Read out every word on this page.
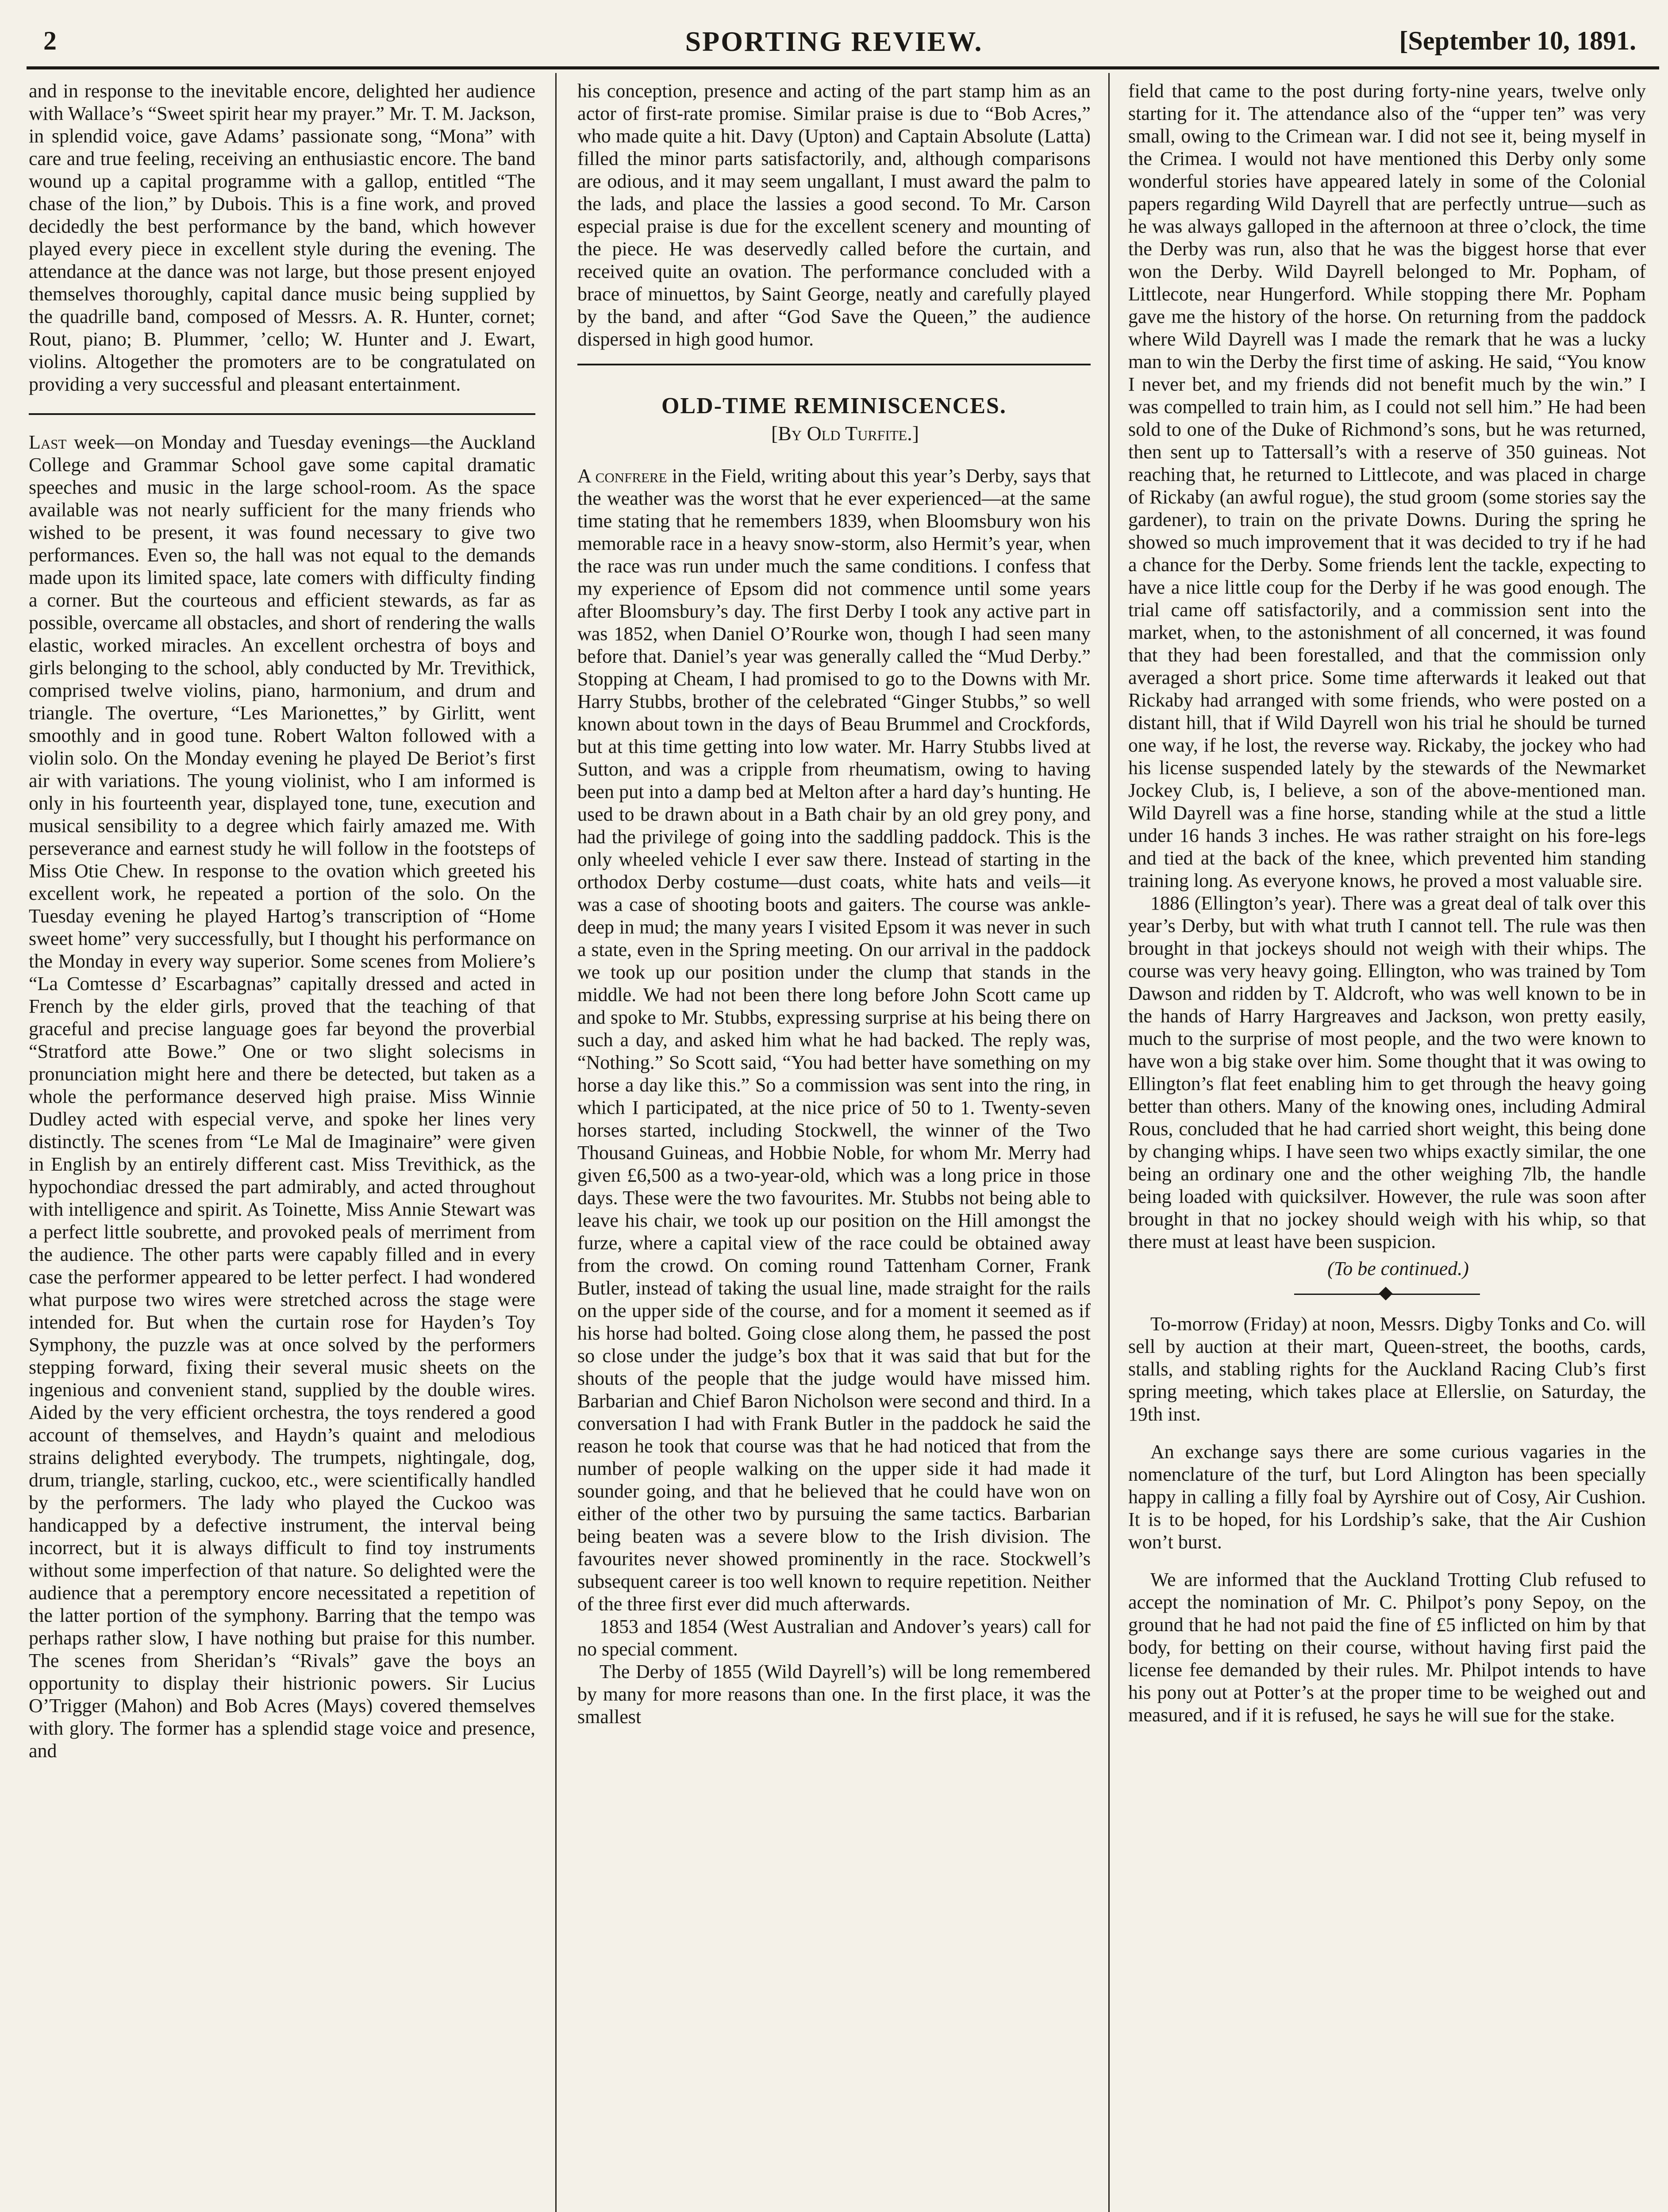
2	SPORTING REVIEW.	[September 10, 1891.

and in response to the inevitable encore, delighted her audience with Wallace’s “Sweet spirit hear my prayer.” Mr. T. M. Jackson, in splendid voice, gave Adams’ passionate song, “Mona” with care and true feeling, receiving an enthusiastic encore. The band wound up a capital programme with a gallop, entitled “The chase of the lion,” by Dubois. This is a fine work, and proved decidedly the best performance by the band, which however played every piece in excellent style during the evening. The attendance at the dance was not large, but those present enjoyed themselves thoroughly, capital dance music being supplied by the quadrille band, composed of Messrs. A. R. Hunter, cornet; Rout, piano; B. Plummer, ’cello; W. Hunter and J. Ewart, violins. Altogether the promoters are to be congratulated on providing a very successful and pleasant entertainment.

Last week—on Monday and Tuesday evenings—the Auckland College and Grammar School gave some capital dramatic speeches and music in the large school-room. As the space available was not nearly sufficient for the many friends who wished to be present, it was found necessary to give two performances. Even so, the hall was not equal to the demands made upon its limited space, late comers with difficulty finding a corner. But the courteous and efficient stewards, as far as possible, overcame all obstacles, and short of rendering the walls elastic, worked miracles. An excellent orchestra of boys and girls belonging to the school, ably conducted by Mr. Trevithick, comprised twelve violins, piano, harmonium, and drum and triangle. The overture, “Les Marionettes,” by Girlitt, went smoothly and in good tune. Robert Walton followed with a violin solo. On the Monday evening he played De Beriot’s first air with variations. The young violinist, who I am informed is only in his fourteenth year, displayed tone, tune, execution and musical sensibility to a degree which fairly amazed me. With perseverance and earnest study he will follow in the footsteps of Miss Otie Chew. In response to the ovation which greeted his excellent work, he repeated a portion of the solo. On the Tuesday evening he played Hartog’s transcription of “Home sweet home” very successfully, but I thought his performance on the Monday in every way superior. Some scenes from Moliere’s “La Comtesse d’ Escarbagnas” capitally dressed and acted in French by the elder girls, proved that the teaching of that graceful and precise language goes far beyond the proverbial “Stratford atte Bowe.” One or two slight solecisms in pronunciation might here and there be detected, but taken as a whole the performance deserved high praise. Miss Winnie Dudley acted with especial verve, and spoke her lines very distinctly. The scenes from “Le Mal de Imaginaire” were given in English by an entirely different cast. Miss Trevithick, as the hypochondiac dressed the part admirably, and acted throughout with intelligence and spirit. As Toinette, Miss Annie Stewart was a perfect little soubrette, and provoked peals of merriment from the audience. The other parts were capably filled and in every case the performer appeared to be letter perfect. I had wondered what purpose two wires were stretched across the stage were intended for. But when the curtain rose for Hayden’s Toy Symphony, the puzzle was at once solved by the performers stepping forward, fixing their several music sheets on the ingenious and convenient stand, supplied by the double wires. Aided by the very efficient orchestra, the toys rendered a good account of themselves, and Haydn’s quaint and melodious strains delighted everybody. The trumpets, nightingale, dog, drum, triangle, starling, cuckoo, etc., were scientifically handled by the performers. The lady who played the Cuckoo was handicapped by a defective instrument, the interval being incorrect, but it is always difficult to find toy instruments without some imperfection of that nature. So delighted were the audience that a peremptory encore necessitated a repetition of the latter portion of the symphony. Barring that the tempo was perhaps rather slow, I have nothing but praise for this number. The scenes from Sheridan’s “Rivals” gave the boys an opportunity to display their histrionic powers. Sir Lucius O’Trigger (Mahon) and Bob Acres (Mays) covered themselves with glory. The former has a splendid stage voice and presence, and

his conception, presence and acting of the part stamp him as an actor of first-rate promise. Similar praise is due to “Bob Acres,” who made quite a hit. Davy (Upton) and Captain Absolute (Latta) filled the minor parts satisfactorily, and, although comparisons are odious, and it may seem ungallant, I must award the palm to the lads, and place the lassies a good second. To Mr. Carson especial praise is due for the excellent scenery and mounting of the piece. He was deservedly called before the curtain, and received quite an ovation. The performance concluded with a brace of minuettos, by Saint George, neatly and carefully played by the band, and after “God Save the Queen,” the audience dispersed in high good humor.

OLD-TIME REMINISCENCES.

[By Old Turfite.]

A confrere in the Field, writing about this year’s Derby, says that the weather was the worst that he ever experienced—at the same time stating that he remembers 1839, when Bloomsbury won his memorable race in a heavy snow-storm, also Hermit’s year, when the race was run under much the same conditions. I confess that my experience of Epsom did not commence until some years after Bloomsbury’s day. The first Derby I took any active part in was 1852, when Daniel O’Rourke won, though I had seen many before that. Daniel’s year was generally called the “Mud Derby.” Stopping at Cheam, I had promised to go to the Downs with Mr. Harry Stubbs, brother of the celebrated “Ginger Stubbs,” so well known about town in the days of Beau Brummel and Crockfords, but at this time getting into low water. Mr. Harry Stubbs lived at Sutton, and was a cripple from rheumatism, owing to having been put into a damp bed at Melton after a hard day’s hunting. He used to be drawn about in a Bath chair by an old grey pony, and had the privilege of going into the saddling paddock. This is the only wheeled vehicle I ever saw there. Instead of starting in the orthodox Derby costume—dust coats, white hats and veils—it was a case of shooting boots and gaiters. The course was ankle-deep in mud; the many years I visited Epsom it was never in such a state, even in the Spring meeting. On our arrival in the paddock we took up our position under the clump that stands in the middle. We had not been there long before John Scott came up and spoke to Mr. Stubbs, expressing surprise at his being there on such a day, and asked him what he had backed. The reply was, “Nothing.” So Scott said, “You had better have something on my horse a day like this.” So a commission was sent into the ring, in which I participated, at the nice price of 50 to 1. Twenty-seven horses started, including Stockwell, the winner of the Two Thousand Guineas, and Hobbie Noble, for whom Mr. Merry had given £6,500 as a two-year-old, which was a long price in those days. These were the two favourites. Mr. Stubbs not being able to leave his chair, we took up our position on the Hill amongst the furze, where a capital view of the race could be obtained away from the crowd. On coming round Tattenham Corner, Frank Butler, instead of taking the usual line, made straight for the rails on the upper side of the course, and for a moment it seemed as if his horse had bolted. Going close along them, he passed the post so close under the judge’s box that it was said that but for the shouts of the people that the judge would have missed him. Barbarian and Chief Baron Nicholson were second and third. In a conversation I had with Frank Butler in the paddock he said the reason he took that course was that he had noticed that from the number of people walking on the upper side it had made it sounder going, and that he believed that he could have won on either of the other two by pursuing the same tactics. Barbarian being beaten was a severe blow to the Irish division. The favourites never showed prominently in the race. Stockwell’s subsequent career is too well known to require repetition. Neither of the three first ever did much afterwards.

1853 and 1854 (West Australian and Andover’s years) call for no special comment.

The Derby of 1855 (Wild Dayrell’s) will be long remembered by many for more reasons than one. In the first place, it was the smallest

field that came to the post during forty-nine years, twelve only starting for it. The attendance also of the “upper ten” was very small, owing to the Crimean war. I did not see it, being myself in the Crimea. I would not have mentioned this Derby only some wonderful stories have appeared lately in some of the Colonial papers regarding Wild Dayrell that are perfectly untrue—such as he was always galloped in the afternoon at three o’clock, the time the Derby was run, also that he was the biggest horse that ever won the Derby. Wild Dayrell belonged to Mr. Popham, of Littlecote, near Hungerford. While stopping there Mr. Popham gave me the history of the horse. On returning from the paddock where Wild Dayrell was I made the remark that he was a lucky man to win the Derby the first time of asking. He said, “You know I never bet, and my friends did not benefit much by the win.” I was compelled to train him, as I could not sell him.” He had been sold to one of the Duke of Richmond’s sons, but he was returned, then sent up to Tattersall’s with a reserve of 350 guineas. Not reaching that, he returned to Littlecote, and was placed in charge of Rickaby (an awful rogue), the stud groom (some stories say the gardener), to train on the private Downs. During the spring he showed so much improvement that it was decided to try if he had a chance for the Derby. Some friends lent the tackle, expecting to have a nice little coup for the Derby if he was good enough. The trial came off satisfactorily, and a commission sent into the market, when, to the astonishment of all concerned, it was found that they had been forestalled, and that the commission only averaged a short price. Some time afterwards it leaked out that Rickaby had arranged with some friends, who were posted on a distant hill, that if Wild Dayrell won his trial he should be turned one way, if he lost, the reverse way. Rickaby, the jockey who had his license suspended lately by the stewards of the Newmarket Jockey Club, is, I believe, a son of the above-mentioned man. Wild Dayrell was a fine horse, standing while at the stud a little under 16 hands 3 inches. He was rather straight on his fore-legs and tied at the back of the knee, which prevented him standing training long. As everyone knows, he proved a most valuable sire.

1886 (Ellington’s year). There was a great deal of talk over this year’s Derby, but with what truth I cannot tell. The rule was then brought in that jockeys should not weigh with their whips. The course was very heavy going. Ellington, who was trained by Tom Dawson and ridden by T. Aldcroft, who was well known to be in the hands of Harry Hargreaves and Jackson, won pretty easily, much to the surprise of most people, and the two were known to have won a big stake over him. Some thought that it was owing to Ellington’s flat feet enabling him to get through the heavy going better than others. Many of the knowing ones, including Admiral Rous, concluded that he had carried short weight, this being done by changing whips. I have seen two whips exactly similar, the one being an ordinary one and the other weighing 7lb, the handle being loaded with quicksilver. However, the rule was soon after brought in that no jockey should weigh with his whip, so that there must at least have been suspicion.

(To be continued.)

To-morrow (Friday) at noon, Messrs. Digby Tonks and Co. will sell by auction at their mart, Queen-street, the booths, cards, stalls, and stabling rights for the Auckland Racing Club’s first spring meeting, which takes place at Ellerslie, on Saturday, the 19th inst.

An exchange says there are some curious vagaries in the nomenclature of the turf, but Lord Alington has been specially happy in calling a filly foal by Ayrshire out of Cosy, Air Cushion. It is to be hoped, for his Lordship’s sake, that the Air Cushion won’t burst.

We are informed that the Auckland Trotting Club refused to accept the nomination of Mr. C. Philpot’s pony Sepoy, on the ground that he had not paid the fine of £5 inflicted on him by that body, for betting on their course, without having first paid the license fee demanded by their rules. Mr. Philpot intends to have his pony out at Potter’s at the proper time to be weighed out and measured, and if it is refused, he says he will sue for the stake.
